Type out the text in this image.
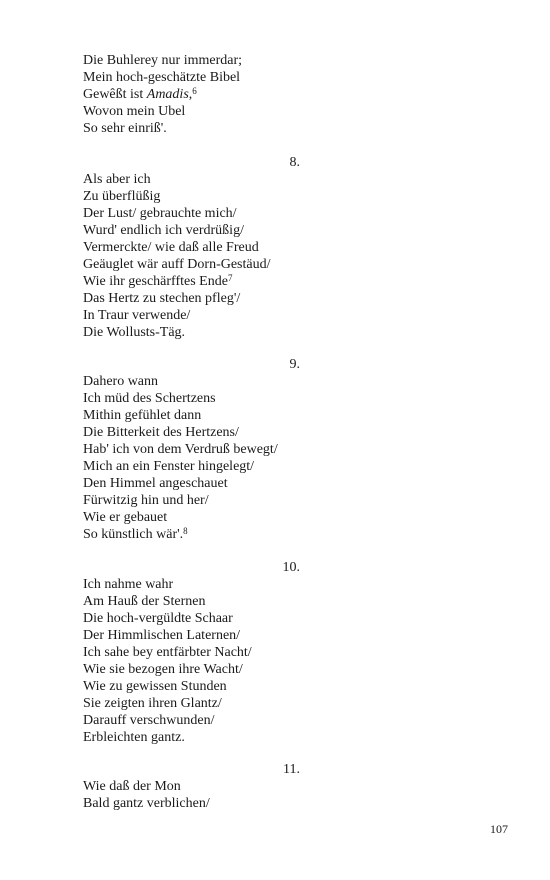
Die Buhlerey nur immerdar;
Mein hoch-geschätzte Bibel
Gewêßt ist Amadis,$^6$
Wovon mein Ubel
So sehr einriß'.
8.
Als aber ich
Zu überflüßig
Der Lust/ gebrauchte mich/
Wurd' endlich ich verdrüßig/
Vermerckte/ wie daß alle Freud
Geäuglet wär auff Dorn-Gestäud/
Wie ihr geschärfftes Ende$^7$
Das Hertz zu stechen pfleg'/
In Traur verwende/
Die Wollusts-Täg.
9.
Dahero wann
Ich müd des Schertzens
Mithin gefühlet dann
Die Bitterkeit des Hertzens/
Hab' ich von dem Verdruß bewegt/
Mich an ein Fenster hingelegt/
Den Himmel angeschauet
Fürwitzig hin und her/
Wie er gebauet
So künstlich wär'.$^8$
10.
Ich nahme wahr
Am Hauß der Sternen
Die hoch-vergüldte Schaar
Der Himmlischen Laternen/
Ich sahe bey entfärbter Nacht/
Wie sie bezogen ihre Wacht/
Wie zu gewissen Stunden
Sie zeigten ihren Glantz/
Darauff verschwunden/
Erbleichten gantz.
11.
Wie daß der Mon
Bald gantz verblichen/
107
